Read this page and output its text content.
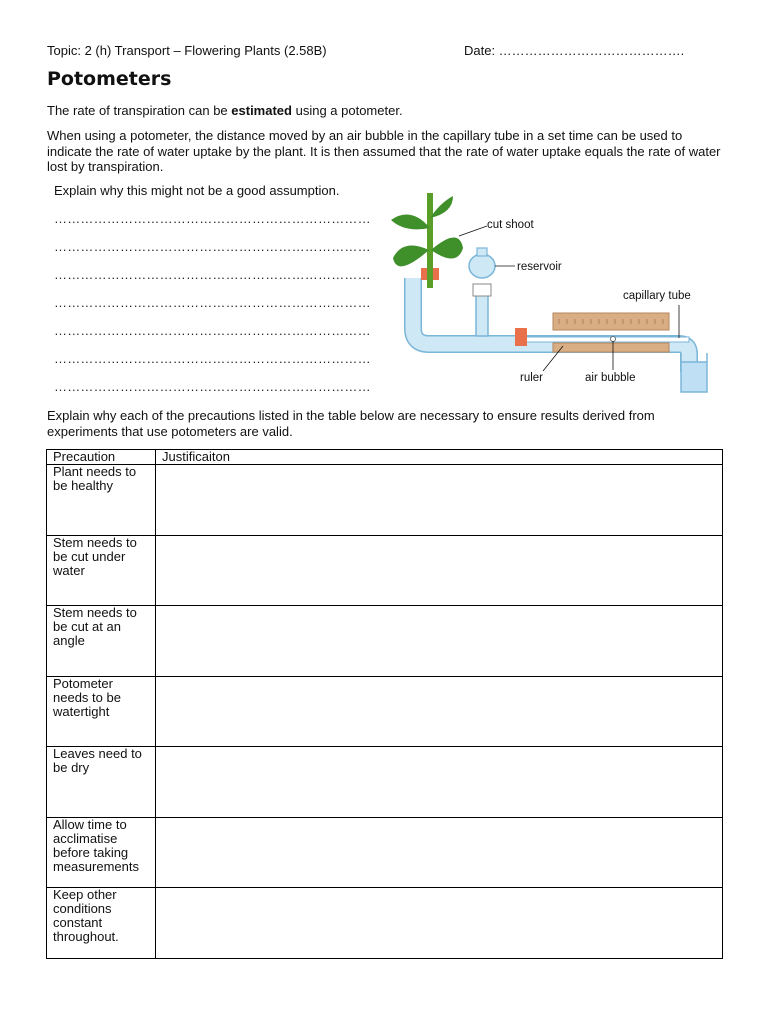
Topic: 2 (h) Transport – Flowering Plants (2.58B)	Date: …………………………………….
Potometers
The rate of transpiration can be estimated using a potometer.
When using a potometer, the distance moved by an air bubble in the capillary tube in a set time can be used to indicate the rate of water uptake by the plant. It is then assumed that the rate of water uptake equals the rate of water lost by transpiration.
Explain why this might not be a good assumption.
………………………………………………………………
………………………………………………………………
………………………………………………………………
………………………………………………………………
………………………………………………………………
………………………………………………………………
………………………………………………………………
cut shoot
reservoir
capillary tube
ruler	air bubble
Explain why each of the precautions listed in the table below are necessary to ensure results derived from experiments that use potometers are valid.
Precaution	Justificaiton
Plant needs to be healthy	
Stem needs to be cut under water	
Stem needs to be cut at an angle	
Potometer needs to be watertight	
Leaves need to be dry	
Allow time to acclimatise before taking measurements	
Keep other conditions constant throughout.	
